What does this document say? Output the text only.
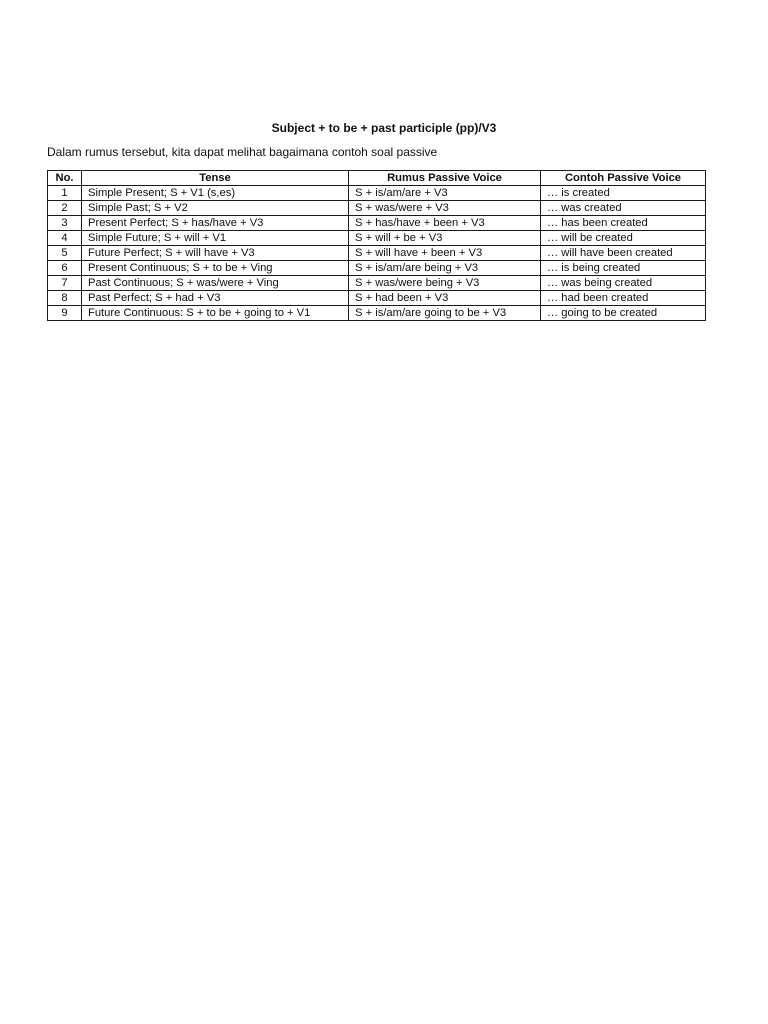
Subject + to be + past participle (pp)/V3
Dalam rumus tersebut, kita dapat melihat bagaimana contoh soal passive
No.	Tense	Rumus Passive Voice	Contoh Passive Voice
1	Simple Present; S + V1 (s,es)	S + is/am/are + V3	… is created
2	Simple Past; S + V2	S + was/were + V3	… was created
3	Present Perfect; S + has/have + V3	S + has/have + been + V3	… has been created
4	Simple Future; S + will + V1	S + will + be + V3	… will be created
5	Future Perfect; S + will have + V3	S + will have + been + V3	… will have been created
6	Present Continuous; S + to be + Ving	S + is/am/are being + V3	… is being created
7	Past Continuous; S + was/were + Ving	S + was/were being + V3	… was being created
8	Past Perfect; S + had + V3	S + had been + V3	… had been created
9	Future Continuous: S + to be + going to + V1	S + is/am/are going to be + V3	… going to be created
